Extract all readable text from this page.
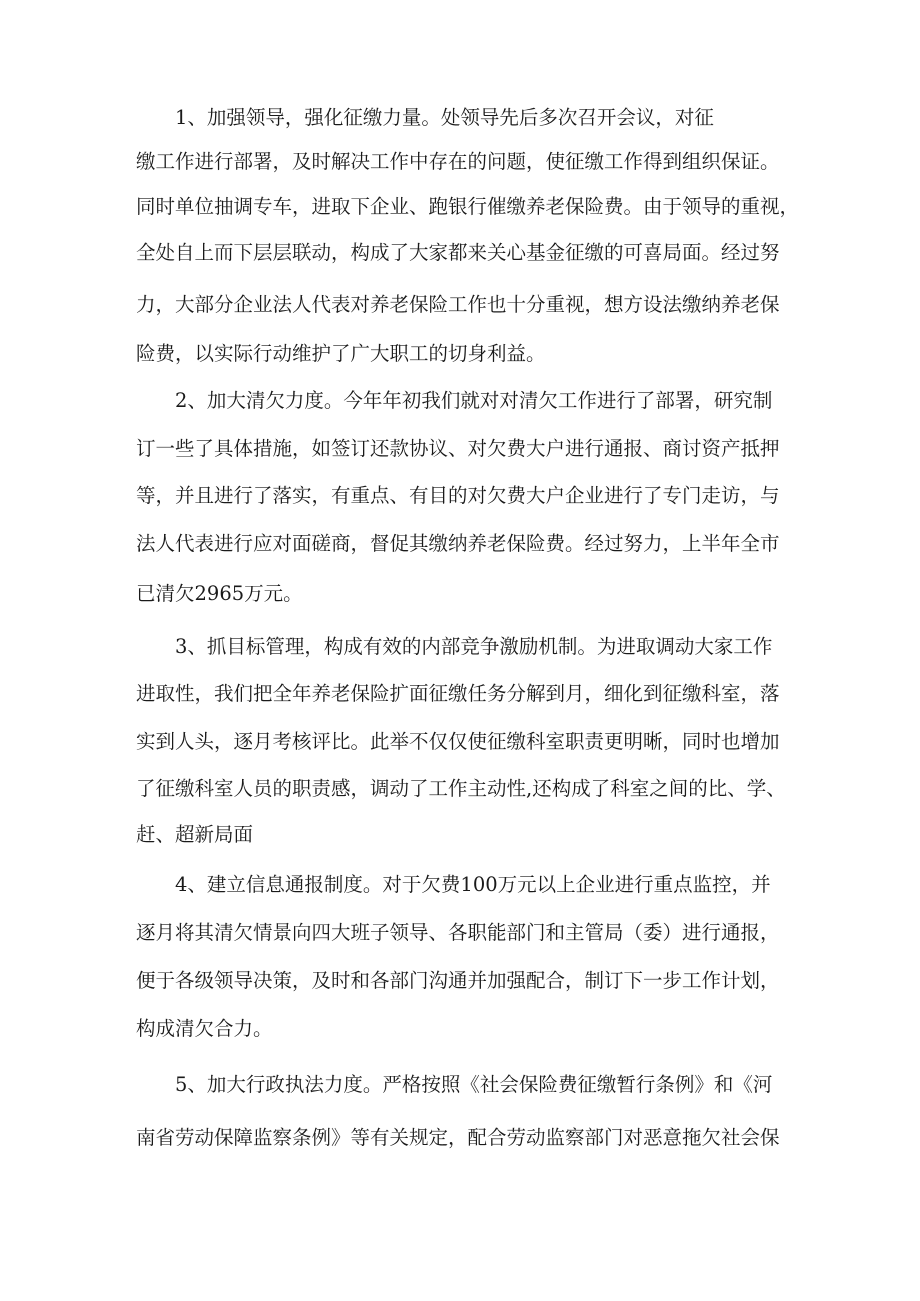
1、加强领导，强化征缴力量。处领导先后多次召开会议，对征
缴工作进行部署，及时解决工作中存在的问题，使征缴工作得到组织保证。
同时单位抽调专车，进取下企业、跑银行催缴养老保险费。由于领导的重视，
全处自上而下层层联动，构成了大家都来关心基金征缴的可喜局面。经过努
力，大部分企业法人代表对养老保险工作也十分重视，想方设法缴纳养老保
险费，以实际行动维护了广大职工的切身利益。
2、加大清欠力度。今年年初我们就对对清欠工作进行了部署，研究制
订一些了具体措施，如签订还款协议、对欠费大户进行通报、商讨资产抵押
等，并且进行了落实，有重点、有目的对欠费大户企业进行了专门走访，与
法人代表进行应对面磋商，督促其缴纳养老保险费。经过努力，上半年全市
已清欠2965万元。
3、抓目标管理，构成有效的内部竞争激励机制。为进取调动大家工作
进取性，我们把全年养老保险扩面征缴任务分解到月，细化到征缴科室，落
实到人头，逐月考核评比。此举不仅仅使征缴科室职责更明晰，同时也增加
了征缴科室人员的职责感，调动了工作主动性,还构成了科室之间的比、学、
赶、超新局面
4、建立信息通报制度。对于欠费100万元以上企业进行重点监控，并
逐月将其清欠情景向四大班子领导、各职能部门和主管局（委）进行通报，
便于各级领导决策，及时和各部门沟通并加强配合，制订下一步工作计划，
构成清欠合力。
5、加大行政执法力度。严格按照《社会保险费征缴暂行条例》和《河
南省劳动保障监察条例》等有关规定，配合劳动监察部门对恶意拖欠社会保
